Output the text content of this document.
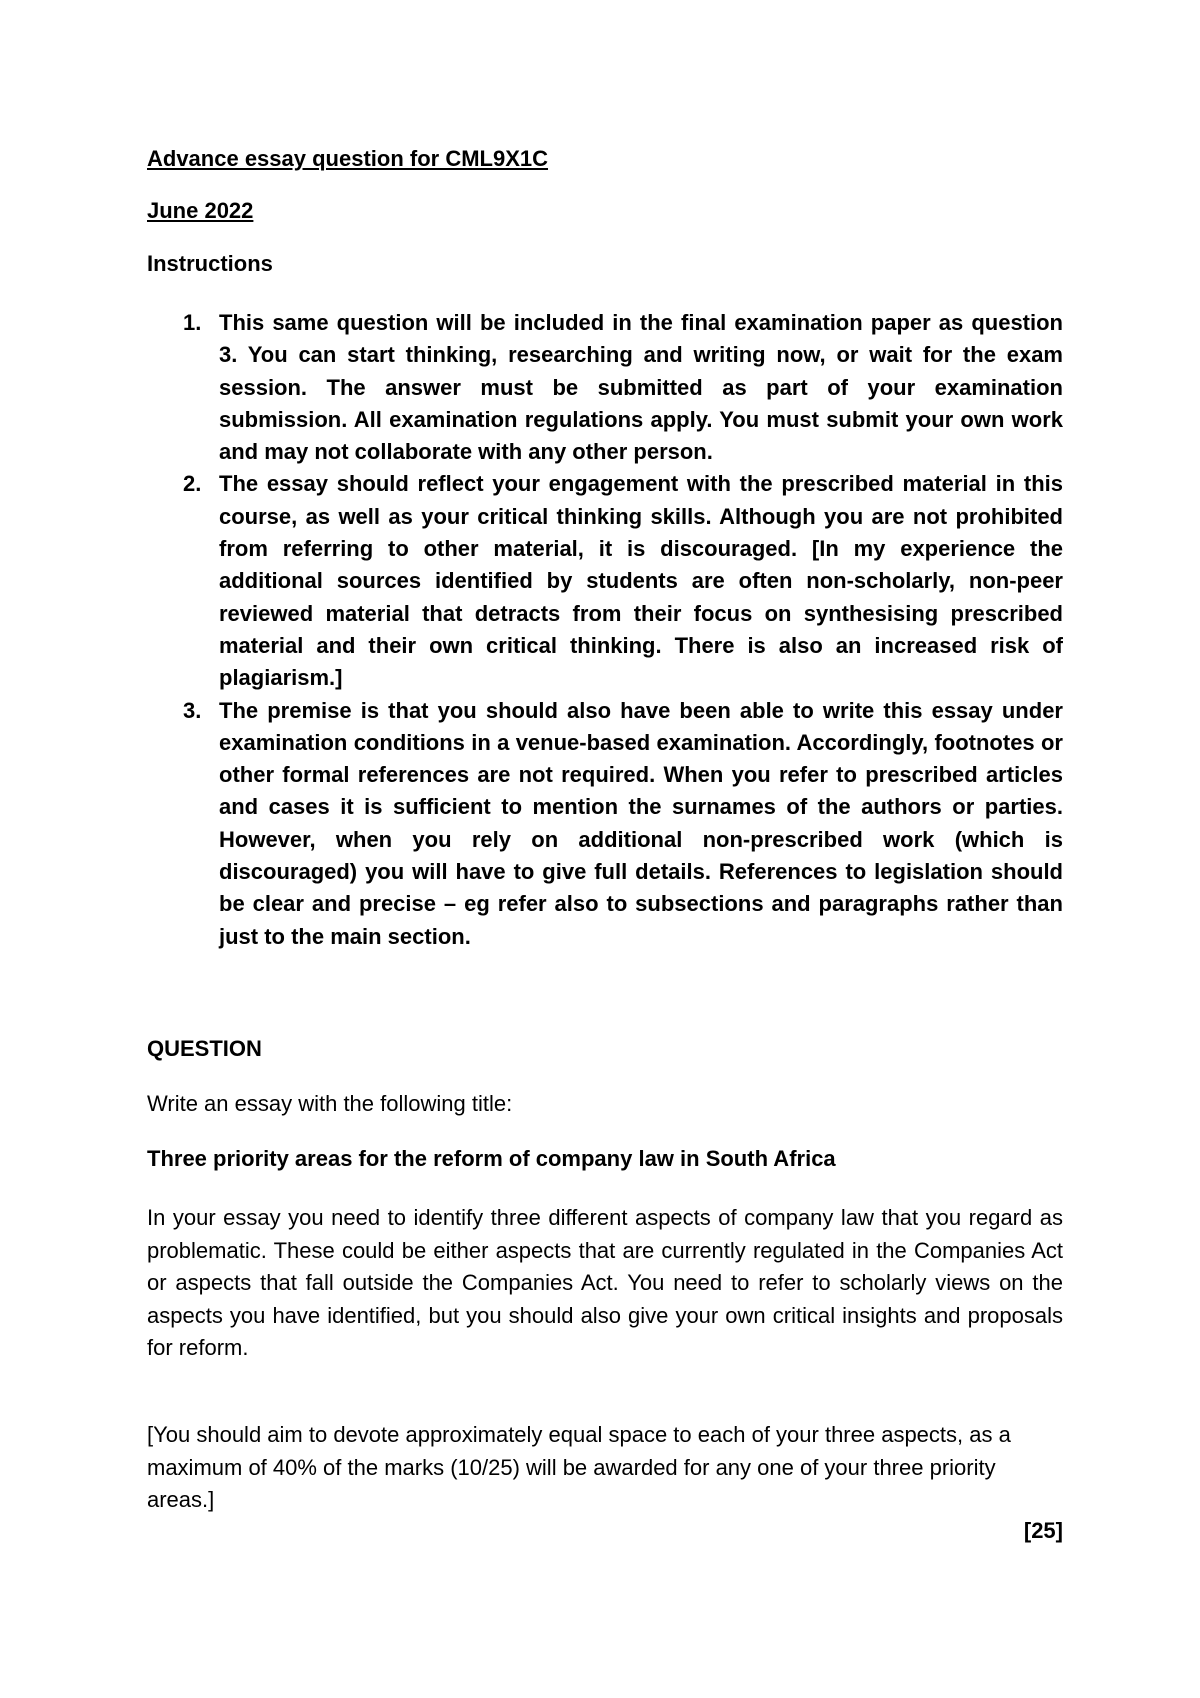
Advance essay question for CML9X1C

June 2022

Instructions

1. This same question will be included in the final examination paper as question 3. You can start thinking, researching and writing now, or wait for the exam session. The answer must be submitted as part of your examination submission. All examination regulations apply. You must submit your own work and may not collaborate with any other person.
2. The essay should reflect your engagement with the prescribed material in this course, as well as your critical thinking skills. Although you are not prohibited from referring to other material, it is discouraged. [In my experience the additional sources identified by students are often non-scholarly, non-peer reviewed material that detracts from their focus on synthesising prescribed material and their own critical thinking. There is also an increased risk of plagiarism.]
3. The premise is that you should also have been able to write this essay under examination conditions in a venue-based examination. Accordingly, footnotes or other formal references are not required. When you refer to prescribed articles and cases it is sufficient to mention the surnames of the authors or parties. However, when you rely on additional non-prescribed work (which is discouraged) you will have to give full details. References to legislation should be clear and precise – eg refer also to subsections and paragraphs rather than just to the main section.

QUESTION

Write an essay with the following title:

Three priority areas for the reform of company law in South Africa

In your essay you need to identify three different aspects of company law that you regard as problematic. These could be either aspects that are currently regulated in the Companies Act or aspects that fall outside the Companies Act. You need to refer to scholarly views on the aspects you have identified, but you should also give your own critical insights and proposals for reform.

[You should aim to devote approximately equal space to each of your three aspects, as a maximum of 40% of the marks (10/25) will be awarded for any one of your three priority areas.]

[25]
